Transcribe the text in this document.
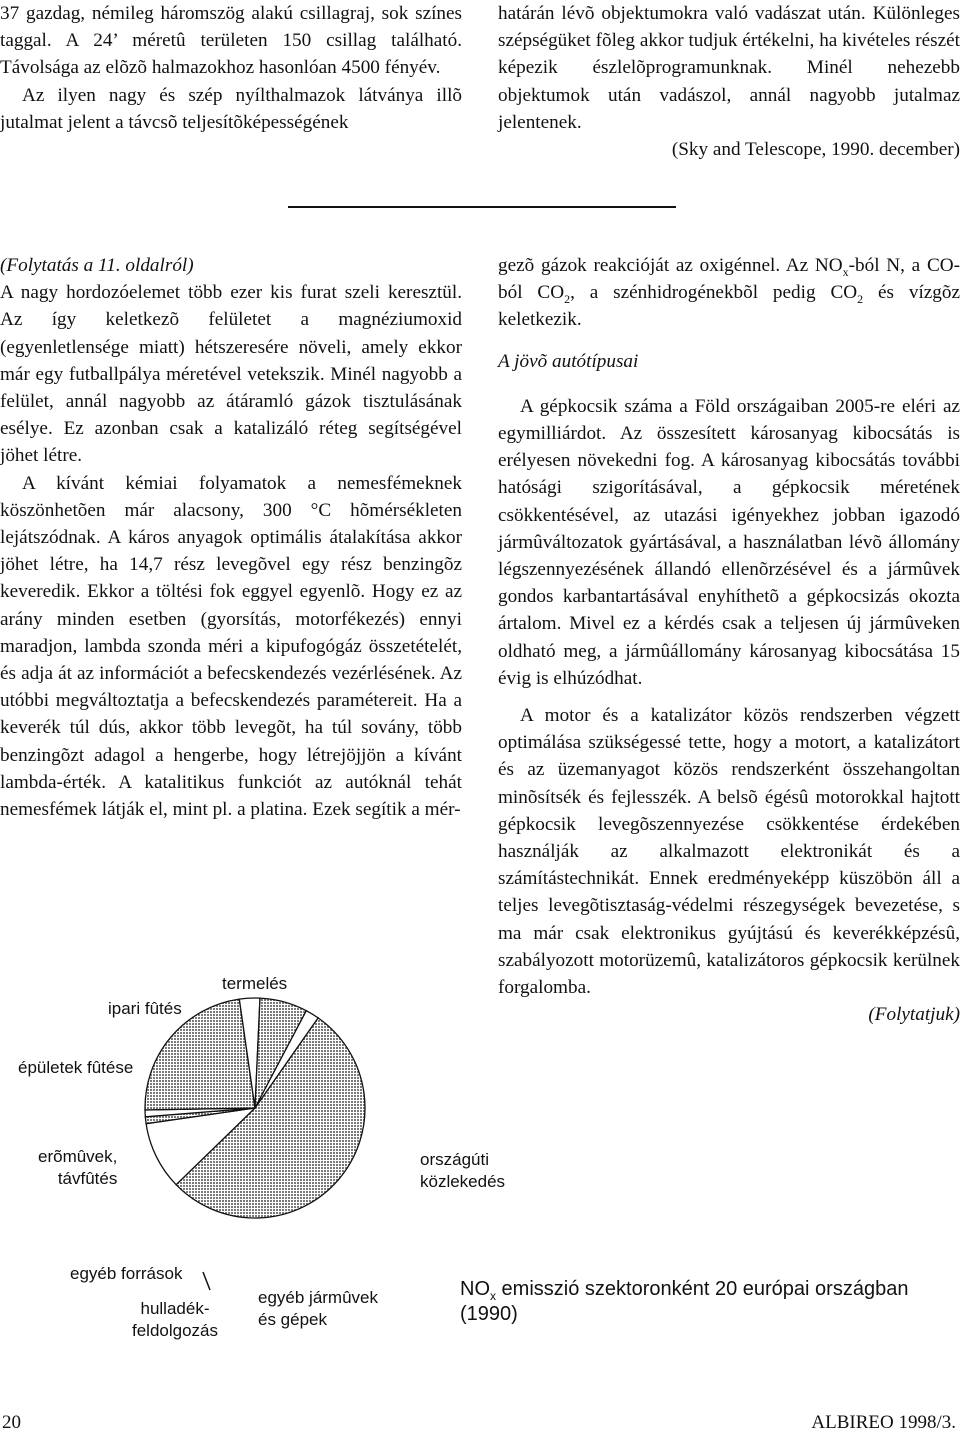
37 gazdag, némileg háromszög alakú csillagraj, sok színes taggal. A 24’ méretû területen 150 csillag található. Távolsága az elõzõ halmazokhoz hasonlóan 4500 fényév.

Az ilyen nagy és szép nyílthalmazok látványa illõ jutalmat jelent a távcsõ teljesítõképességének

határán lévõ objektumokra való vadászat után. Különleges szépségüket fõleg akkor tudjuk értékelni, ha kivételes részét képezik észlelõprogramunknak. Minél nehezebb objektumok után vadászol, annál nagyobb jutalmaz jelentenek.

(Sky and Telescope, 1990. december)

(Folytatás a 11. oldalról)

A nagy hordozóelemet több ezer kis furat szeli keresztül. Az így keletkezõ felületet a magnéziumoxid (egyenletlensége miatt) hétszeresére növeli, amely ekkor már egy futballpálya méretével vetekszik. Minél nagyobb a felület, annál nagyobb az átáramló gázok tisztulásának esélye. Ez azonban csak a katalizáló réteg segítségével jöhet létre.

A kívánt kémiai folyamatok a nemesfémeknek köszönhetõen már alacsony, 300 °C hõmérsékleten lejátszódnak. A káros anyagok optimális átalakítása akkor jöhet létre, ha 14,7 rész levegõvel egy rész benzingõz keveredik. Ekkor a töltési fok eggyel egyenlõ. Hogy ez az arány minden esetben (gyorsítás, motorfékezés) ennyi maradjon, lambda szonda méri a kipufogógáz összetételét, és adja át az információt a befecskendezés vezérlésének. Az utóbbi megváltoztatja a befecskendezés paramétereit. Ha a keverék túl dús, akkor több levegõt, ha túl sovány, több benzingõzt adagol a hengerbe, hogy létrejöjjön a kívánt lambda-érték. A katalitikus funkciót az autóknál tehát nemesfémek látják el, mint pl. a platina. Ezek segítik a mér-

gezõ gázok reakcióját az oxigénnel. Az $NO_x$-ból N, a CO-ból $CO_2$, a szénhidrogénekbõl pedig $CO_2$ és vízgõz keletkezik.

A jövõ autótípusai

A gépkocsik száma a Föld országaiban 2005-re eléri az egymilliárdot. Az összesített károsanyag kibocsátás is erélyesen növekedni fog. A károsanyag kibocsátás további hatósági szigorításával, a gépkocsik méretének csökkentésével, az utazási igényekhez jobban igazodó jármûváltozatok gyártásával, a használatban lévõ állomány légszennyezésének állandó ellenõrzésével és a jármûvek gondos karbantartásával enyhíthetõ a gépkocsizás okozta ártalom. Mivel ez a kérdés csak a teljesen új jármûveken oldható meg, a jármûállomány károsanyag kibocsátása 15 évig is elhúzódhat.

A motor és a katalizátor közös rendszerben végzett optimálása szükségessé tette, hogy a motort, a katalizátort és az üzemanyagot közös rendszerként összehangoltan minõsítsék és fejlesszék. A belsõ égésû motorokkal hajtott gépkocsik levegõszennyezése csökkentése érdekében használják az alkalmazott elektronikát és a számítástechnikát. Ennek eredményeképp küszöbön áll a teljes levegõtisztaság-védelmi részegységek bevezetése, s ma már csak elektronikus gyújtású és keverékképzésû, szabályozott motorüzemû, katalizátoros gépkocsik kerülnek forgalomba.

(Folytatjuk)

termelés
ipari fûtés
épületek fûtése
erõmûvek,
távfûtés
országúti
közlekedés
egyéb források
hulladék-
feldolgozás
egyéb jármûvek
és gépek

$NO_x$ emisszió szektoronként 20 európai országban (1990)

20	ALBIREO 1998/3.
